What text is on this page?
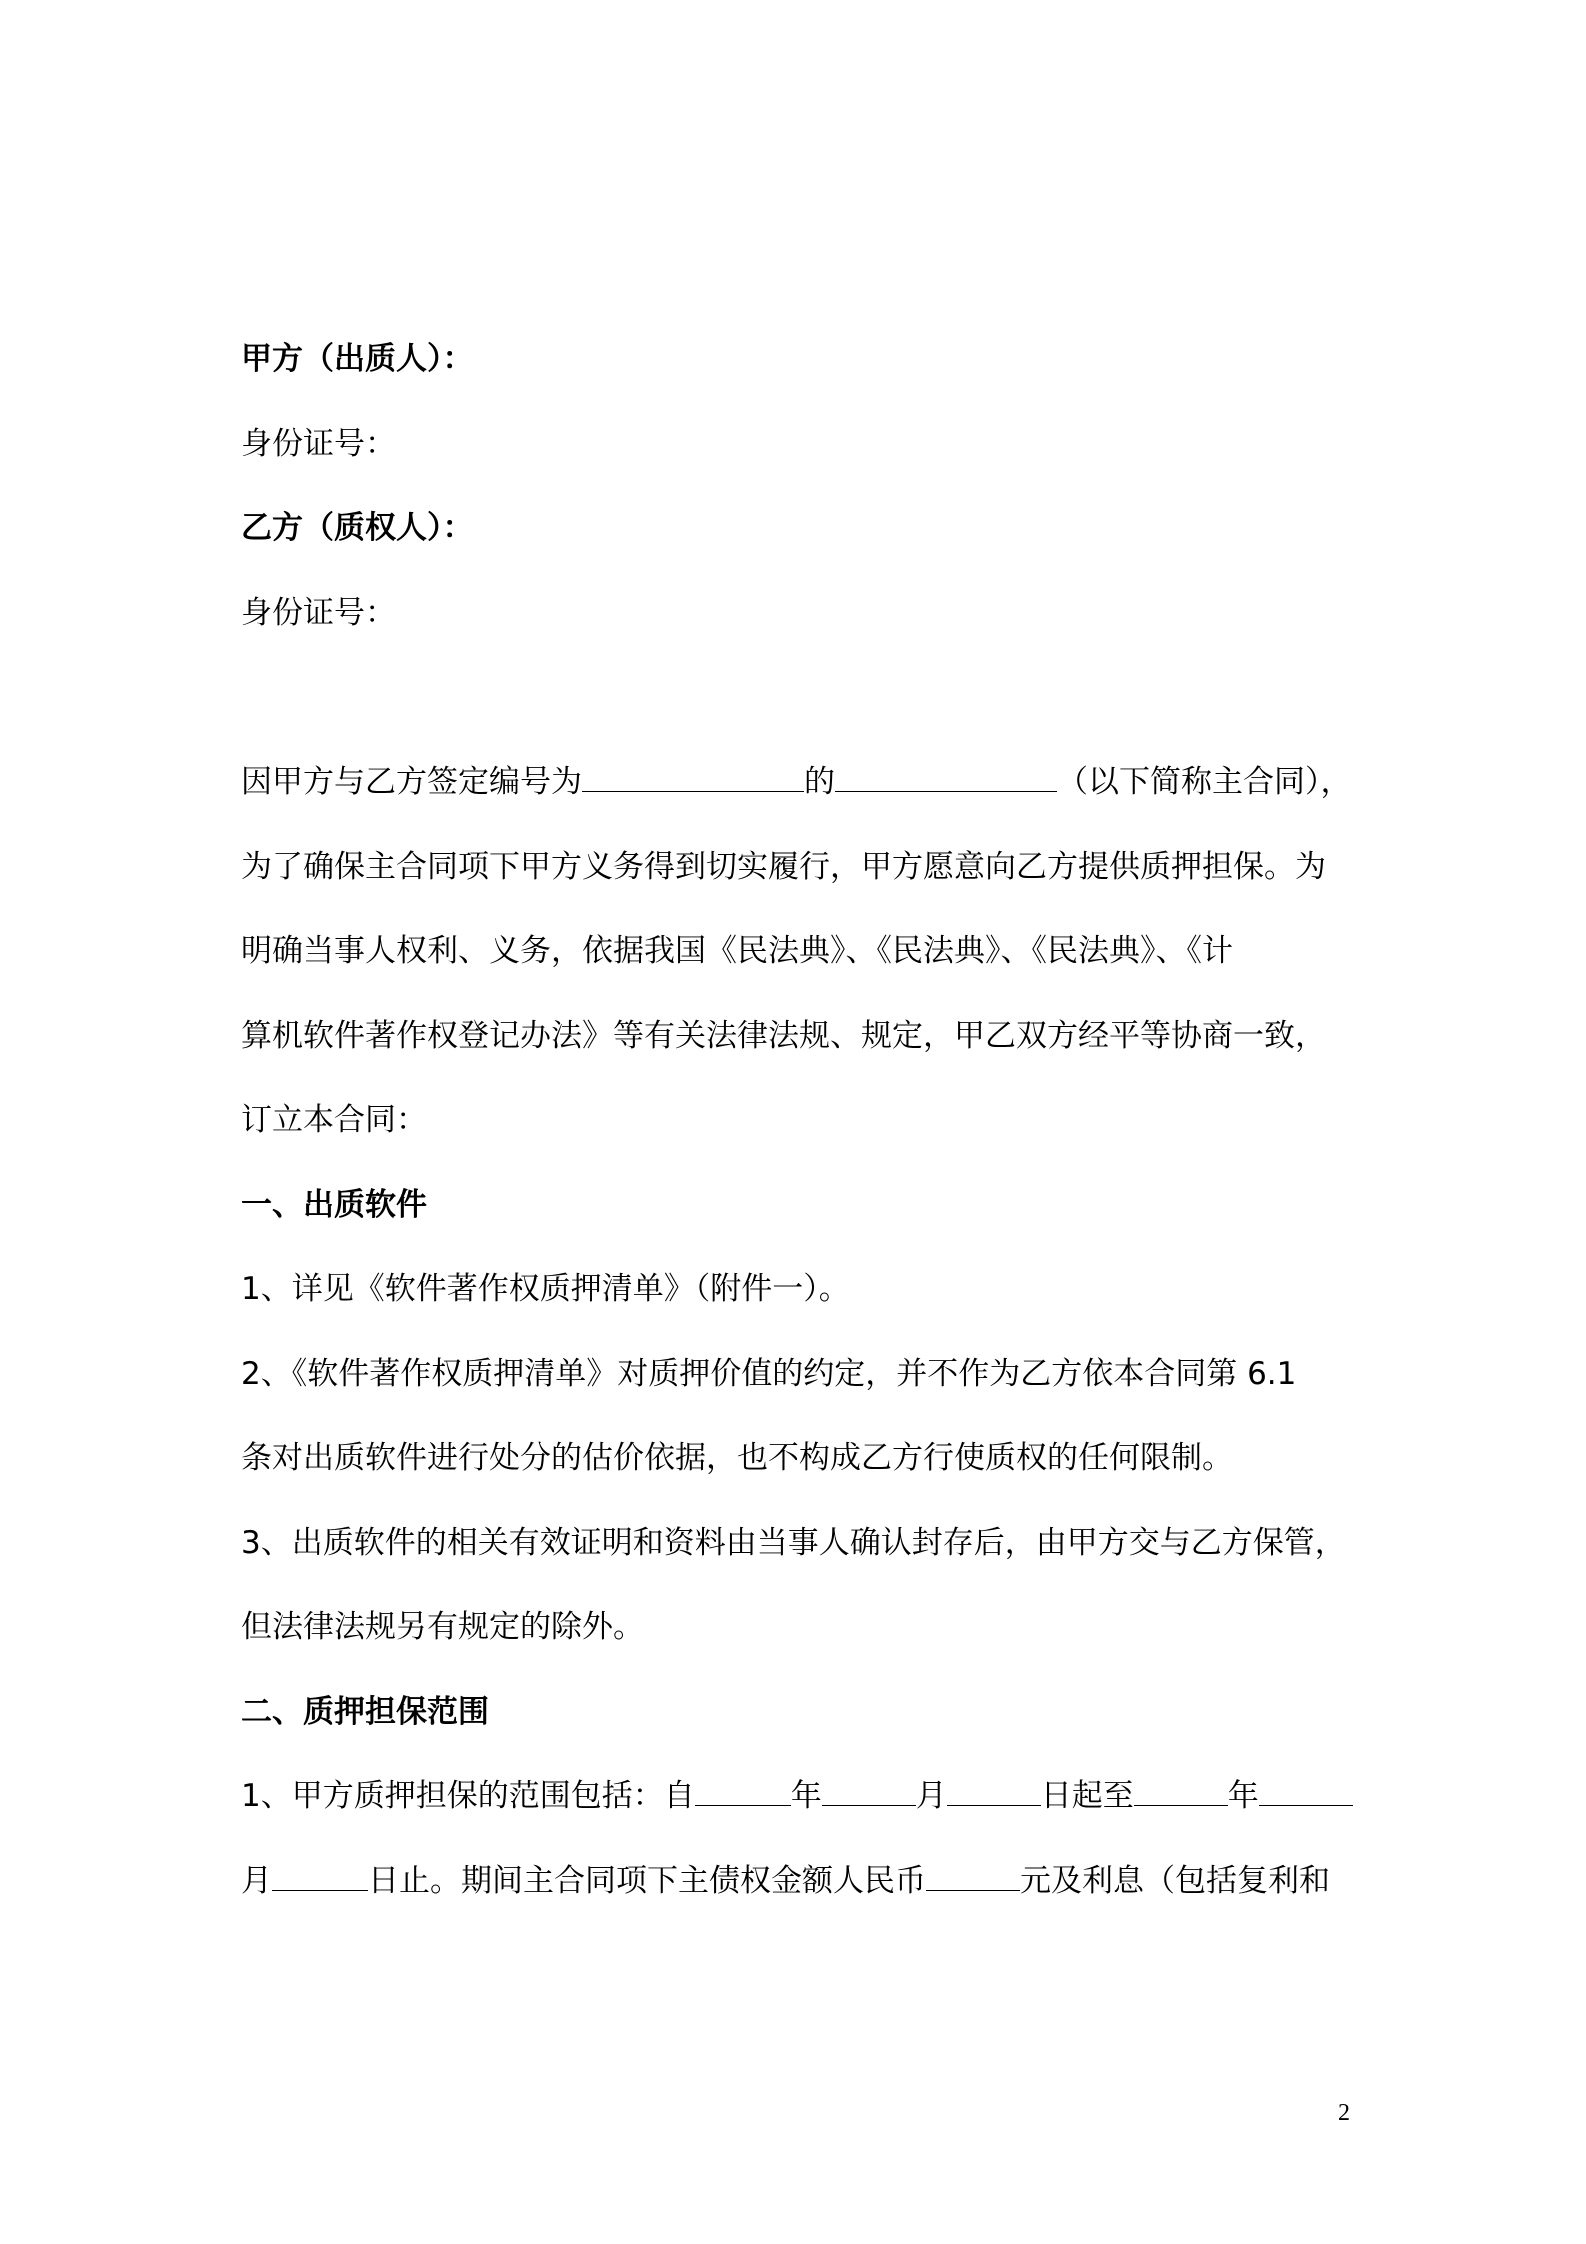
甲方（出质人）：
身份证号：
乙方（质权人）：
身份证号：
因甲方与乙方签定编号为	的	（以下简称主合同），
为了确保主合同项下甲方义务得到切实履行，甲方愿意向乙方提供质押担保。为
明确当事人权利、义务，依据我国《民法典》、《民法典》、《民法典》、《计
算机软件著作权登记办法》等有关法律法规、规定，甲乙双方经平等协商一致，
订立本合同：
一、出质软件
1、详见《软件著作权质押清单》（附件一）。
2、《软件著作权质押清单》对质押价值的约定，并不作为乙方依本合同第 6.1
条对出质软件进行处分的估价依据，也不构成乙方行使质权的任何限制。
3、出质软件的相关有效证明和资料由当事人确认封存后，由甲方交与乙方保管，
但法律法规另有规定的除外。
二、质押担保范围
1、甲方质押担保的范围包括：自	年	月	日起至	年
月	日止。期间主合同项下主债权金额人民币	元及利息（包括复利和
2
